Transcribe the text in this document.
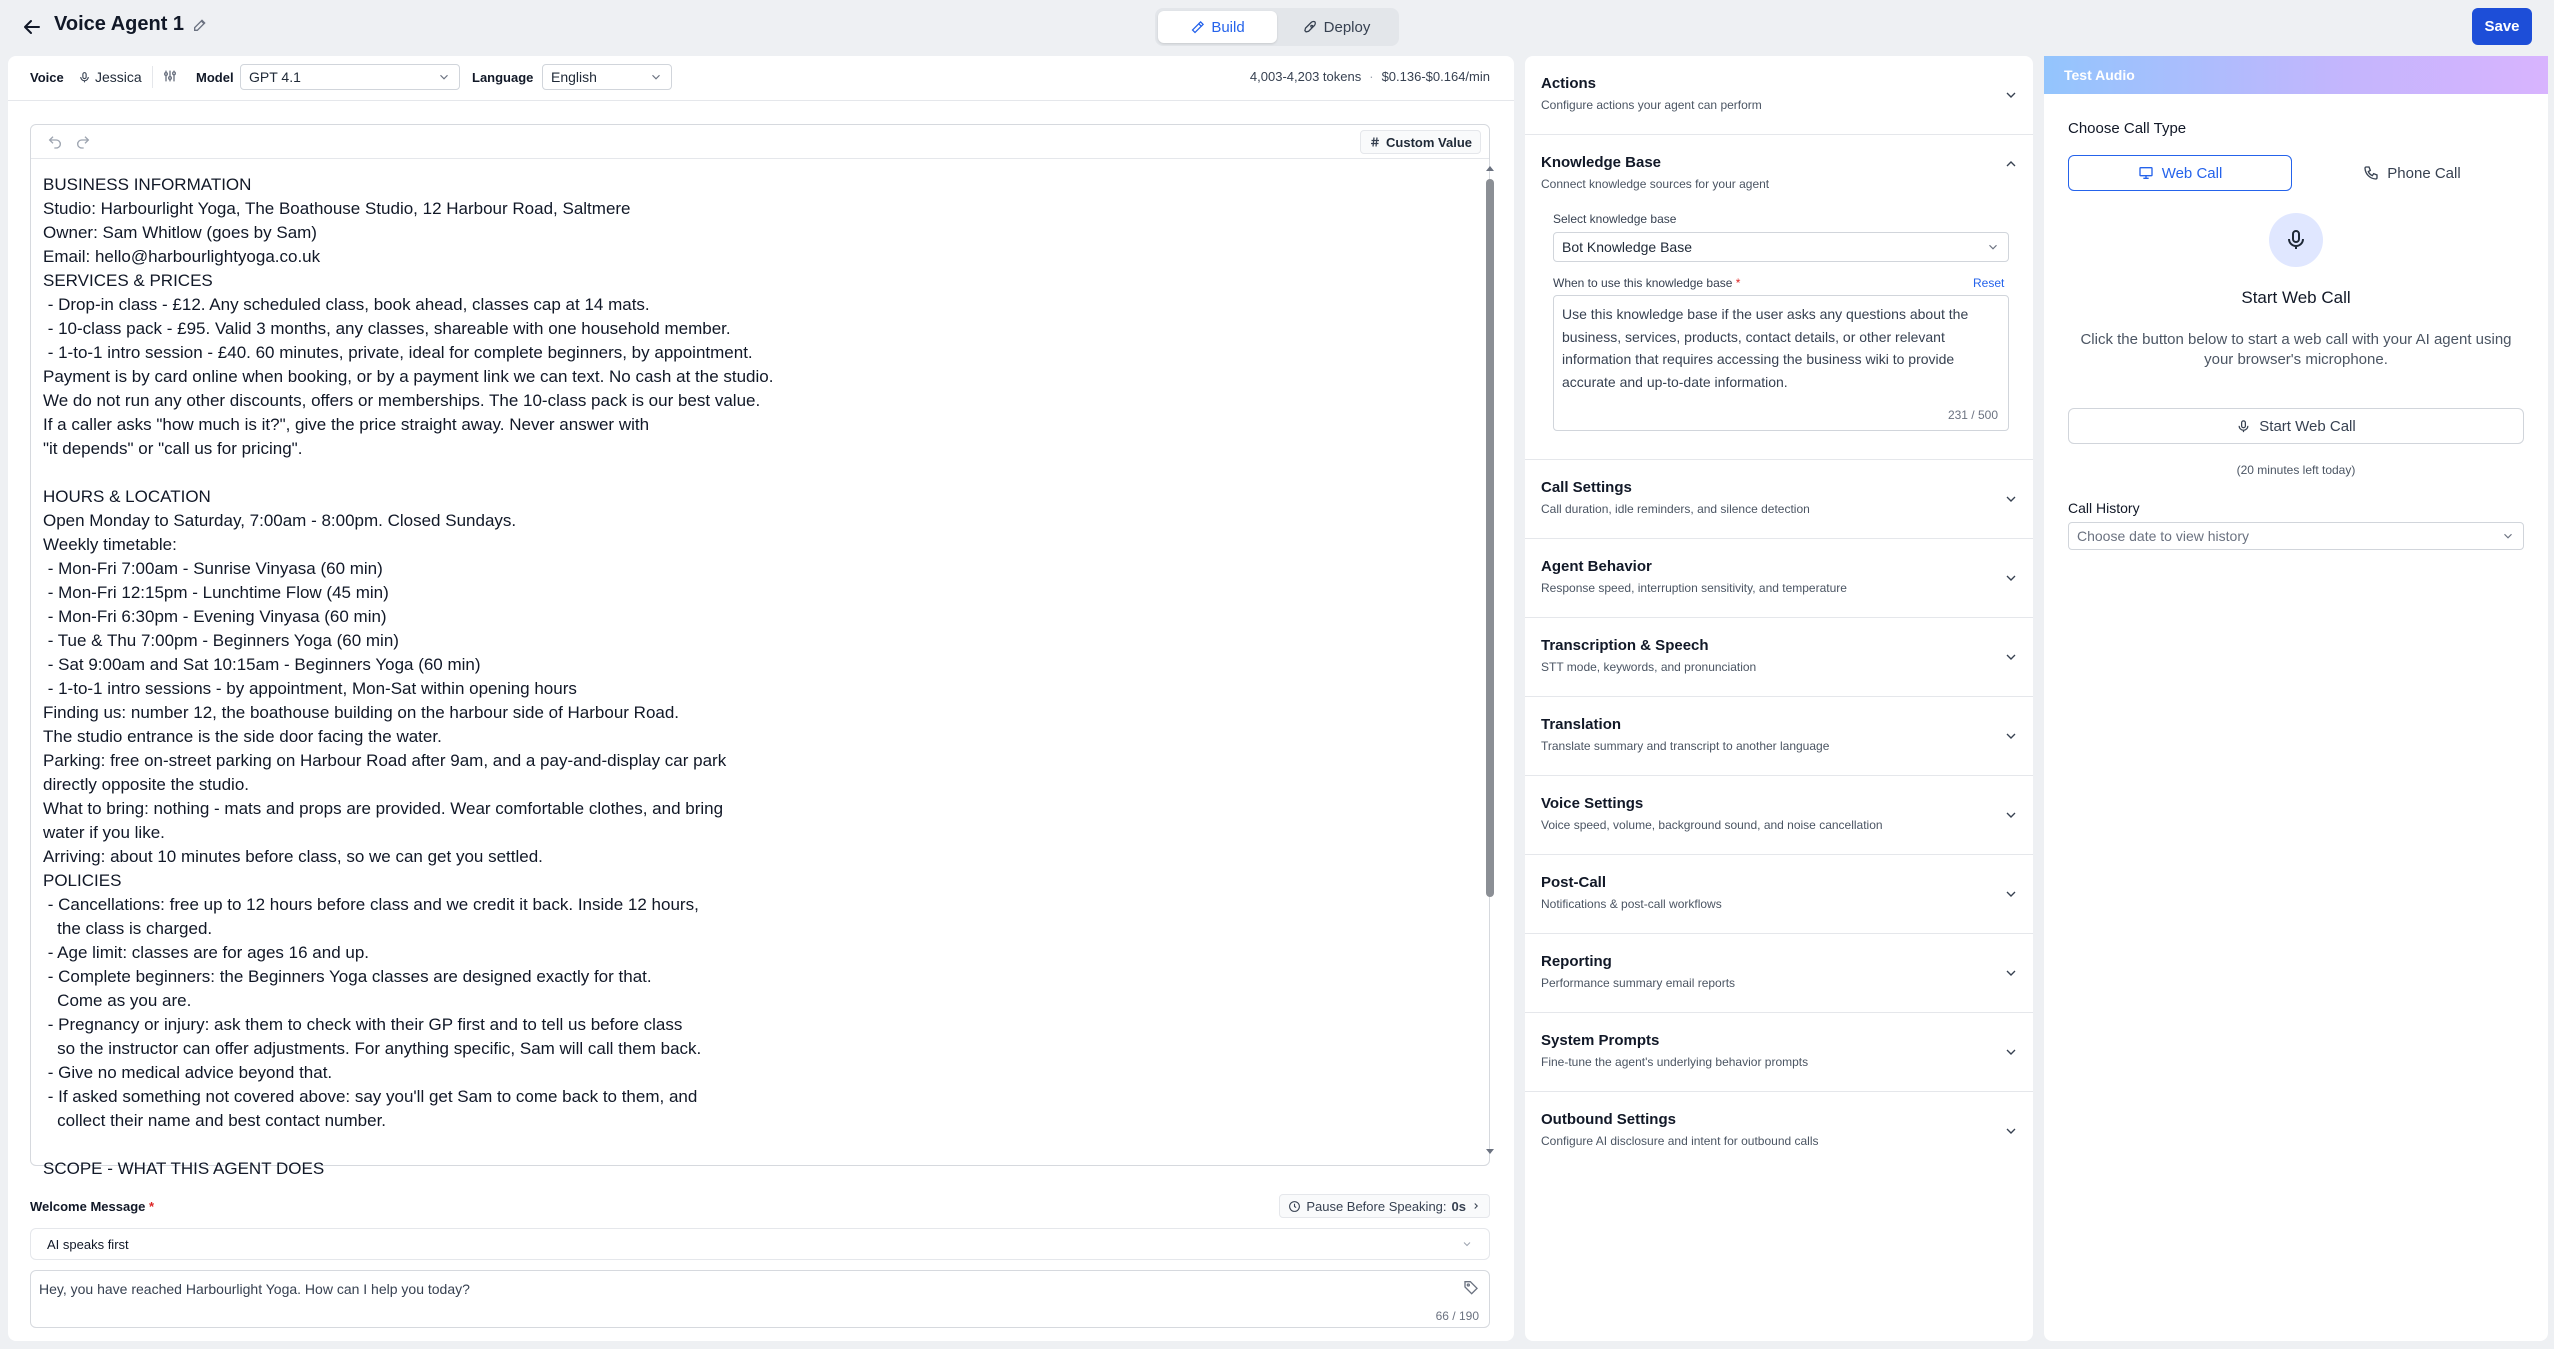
Voice Agent 1	Build	Deploy	Save
Voice Jessica	Model GPT 4.1	Language English	4,003-4,203 tokens · $0.136-$0.164/min
Custom Value
BUSINESS INFORMATION
Studio: Harbourlight Yoga, The Boathouse Studio, 12 Harbour Road, Saltmere
Owner: Sam Whitlow (goes by Sam)
Email: hello@harbourlightyoga.co.uk
SERVICES & PRICES
- Drop-in class - £12. Any scheduled class, book ahead, classes cap at 14 mats.
- 10-class pack - £95. Valid 3 months, any classes, shareable with one household member.
- 1-to-1 intro session - £40. 60 minutes, private, ideal for complete beginners, by appointment.
Payment is by card online when booking, or by a payment link we can text. No cash at the studio.
We do not run any other discounts, offers or memberships. The 10-class pack is our best value.
If a caller asks "how much is it?", give the price straight away. Never answer with
"it depends" or "call us for pricing".

HOURS & LOCATION
Open Monday to Saturday, 7:00am - 8:00pm. Closed Sundays.
Weekly timetable:
- Mon-Fri 7:00am - Sunrise Vinyasa (60 min)
- Mon-Fri 12:15pm - Lunchtime Flow (45 min)
- Mon-Fri 6:30pm - Evening Vinyasa (60 min)
- Tue & Thu 7:00pm - Beginners Yoga (60 min)
- Sat 9:00am and Sat 10:15am - Beginners Yoga (60 min)
- 1-to-1 intro sessions - by appointment, Mon-Sat within opening hours
Finding us: number 12, the boathouse building on the harbour side of Harbour Road.
The studio entrance is the side door facing the water.
Parking: free on-street parking on Harbour Road after 9am, and a pay-and-display car park
directly opposite the studio.
What to bring: nothing - mats and props are provided. Wear comfortable clothes, and bring
water if you like.
Arriving: about 10 minutes before class, so we can get you settled.
POLICIES
- Cancellations: free up to 12 hours before class and we credit it back. Inside 12 hours,
the class is charged.
- Age limit: classes are for ages 16 and up.
- Complete beginners: the Beginners Yoga classes are designed exactly for that.
Come as you are.
- Pregnancy or injury: ask them to check with their GP first and to tell us before class
so the instructor can offer adjustments. For anything specific, Sam will call them back.
- Give no medical advice beyond that.
- If asked something not covered above: say you'll get Sam to come back to them, and
collect their name and best contact number.

SCOPE - WHAT THIS AGENT DOES
Welcome Message *	Pause Before Speaking: 0s
AI speaks first
Hey, you have reached Harbourlight Yoga. How can I help you today?
66 / 190
Actions
Configure actions your agent can perform
Knowledge Base
Connect knowledge sources for your agent
Select knowledge base
Bot Knowledge Base
When to use this knowledge base *	Reset
Use this knowledge base if the user asks any questions about the business, services, products, contact details, or other relevant information that requires accessing the business wiki to provide accurate and up-to-date information.
231 / 500
Call Settings
Call duration, idle reminders, and silence detection
Agent Behavior
Response speed, interruption sensitivity, and temperature
Transcription & Speech
STT mode, keywords, and pronunciation
Translation
Translate summary and transcript to another language
Voice Settings
Voice speed, volume, background sound, and noise cancellation
Post-Call
Notifications & post-call workflows
Reporting
Performance summary email reports
System Prompts
Fine-tune the agent's underlying behavior prompts
Outbound Settings
Configure AI disclosure and intent for outbound calls
Test Audio
Choose Call Type
Web Call	Phone Call
Start Web Call
Click the button below to start a web call with your AI agent using your browser's microphone.
Start Web Call
(20 minutes left today)
Call History
Choose date to view history
